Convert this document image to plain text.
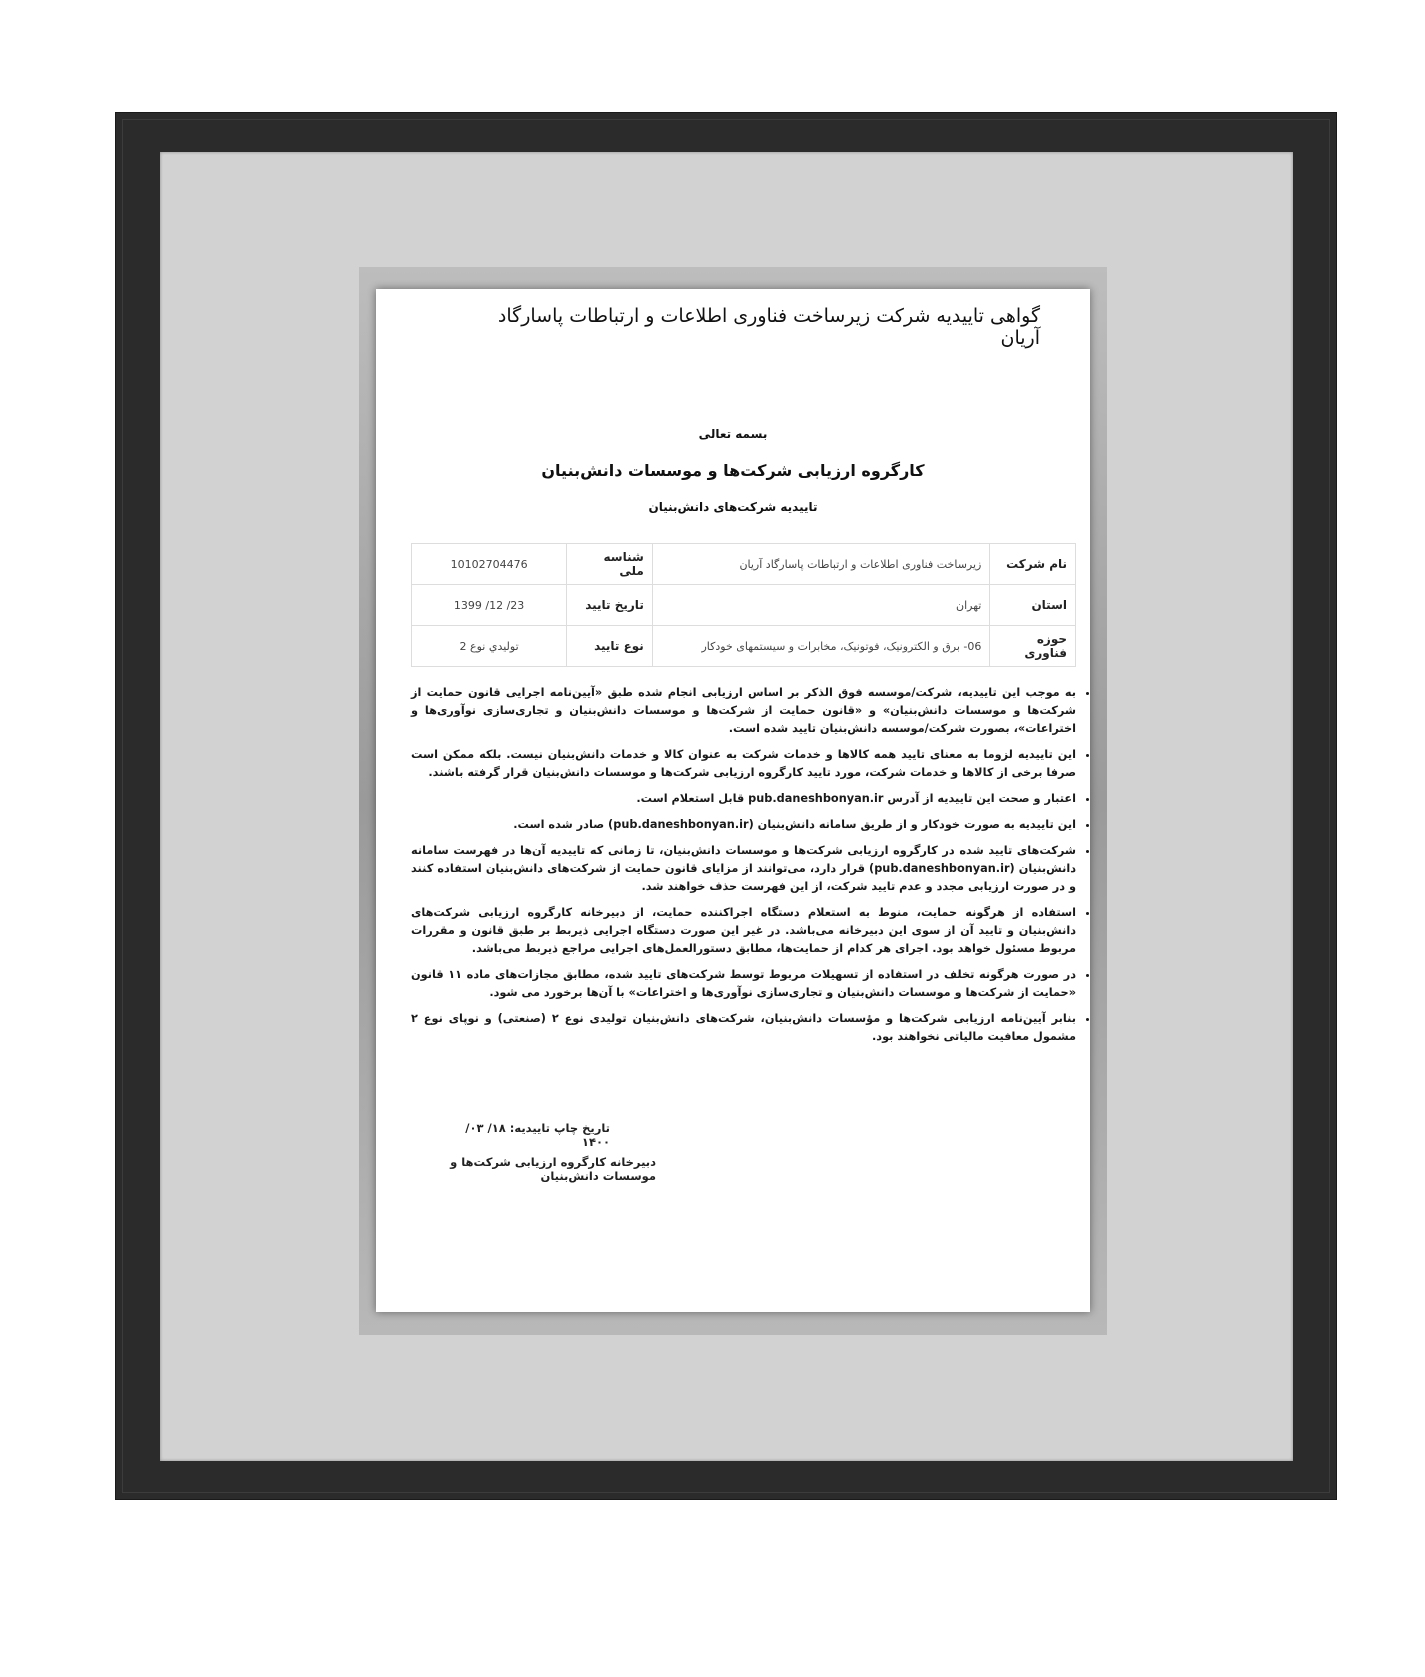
گواهی تاییدیه شرکت زیرساخت فناوری اطلاعات و ارتباطات پاسارگاد آریان
بسمه تعالی
کارگروه ارزیابی شرکت‌ها و موسسات دانش‌بنیان
تاییدیه شرکت‌های دانش‌بنیان
نام شرکت	زیرساخت فناوری اطلاعات و ارتباطات پاسارگاد آریان	شناسه ملی	10102704476
استان	تهران	تاریخ تایید	23/ 12/ 1399
حوزه فناوری	06- برق و الکترونیک، فوتونیک، مخابرات و سیستمهای خودکار	نوع تایید	توليدي نوع 2
• به موجب این تاییدیه، شرکت/موسسه فوق الذکر بر اساس ارزیابی انجام شده طبق «آیین‌نامه اجرایی قانون حمایت از شرکت‌ها و موسسات دانش‌بنیان» و «قانون حمایت از شرکت‌ها و موسسات دانش‌بنیان و تجاری‌سازی نوآوری‌ها و اختراعات»، بصورت شرکت/موسسه دانش‌بنیان تایید شده است.
• این تاییدیه لزوما به معنای تایید همه کالاها و خدمات شرکت به عنوان کالا و خدمات دانش‌بنیان نیست. بلکه ممکن است صرفا برخی از کالاها و خدمات شرکت، مورد تایید کارگروه ارزیابی شرکت‌ها و موسسات دانش‌بنیان قرار گرفته باشند.
• اعتبار و صحت این تاییدیه از آدرس pub.daneshbonyan.ir قابل استعلام است.
• این تاییدیه به صورت خودکار و از طریق سامانه دانش‌بنیان (pub.daneshbonyan.ir) صادر شده است.
• شرکت‌های تایید شده در کارگروه ارزیابی شرکت‌ها و موسسات دانش‌بنیان، تا زمانی که تاییدیه آن‌ها در فهرست سامانه دانش‌بنیان (pub.daneshbonyan.ir) قرار دارد، می‌توانند از مزایای قانون حمایت از شرکت‌های دانش‌بنیان استفاده کنند و در صورت ارزیابی مجدد و عدم تایید شرکت، از این فهرست حذف خواهند شد.
• استفاده از هرگونه حمایت، منوط به استعلام دستگاه اجراکننده حمایت، از دبیرخانه کارگروه ارزیابی شرکت‌های دانش‌بنیان و تایید آن از سوی این دبیرخانه می‌باشد. در غیر این صورت دستگاه اجرایی ذیربط بر طبق قانون و مقررات مربوط مسئول خواهد بود. اجرای هر کدام از حمایت‌ها، مطابق دستورالعمل‌های اجرایی مراجع ذیربط می‌باشد.
• در صورت هرگونه تخلف در استفاده از تسهیلات مربوط توسط شرکت‌های تایید شده، مطابق مجازات‌های ماده ۱۱ قانون «حمایت از شرکت‌ها و موسسات دانش‌بنیان و تجاری‌سازی نوآوری‌ها و اختراعات» با آن‌ها برخورد می شود.
• بنابر آیین‌نامه ارزیابی شرکت‌ها و مؤسسات دانش‌بنیان، شرکت‌های دانش‌بنیان تولیدی نوع ۲ (صنعتی) و نوپای نوع ۲ مشمول معافیت مالیاتی نخواهند بود.
تاریخ چاپ تاییدیه: ۱۸/ ۰۳/ ۱۴۰۰
دبیرخانه کارگروه ارزیابی شرکت‌ها و موسسات دانش‌بنیان
